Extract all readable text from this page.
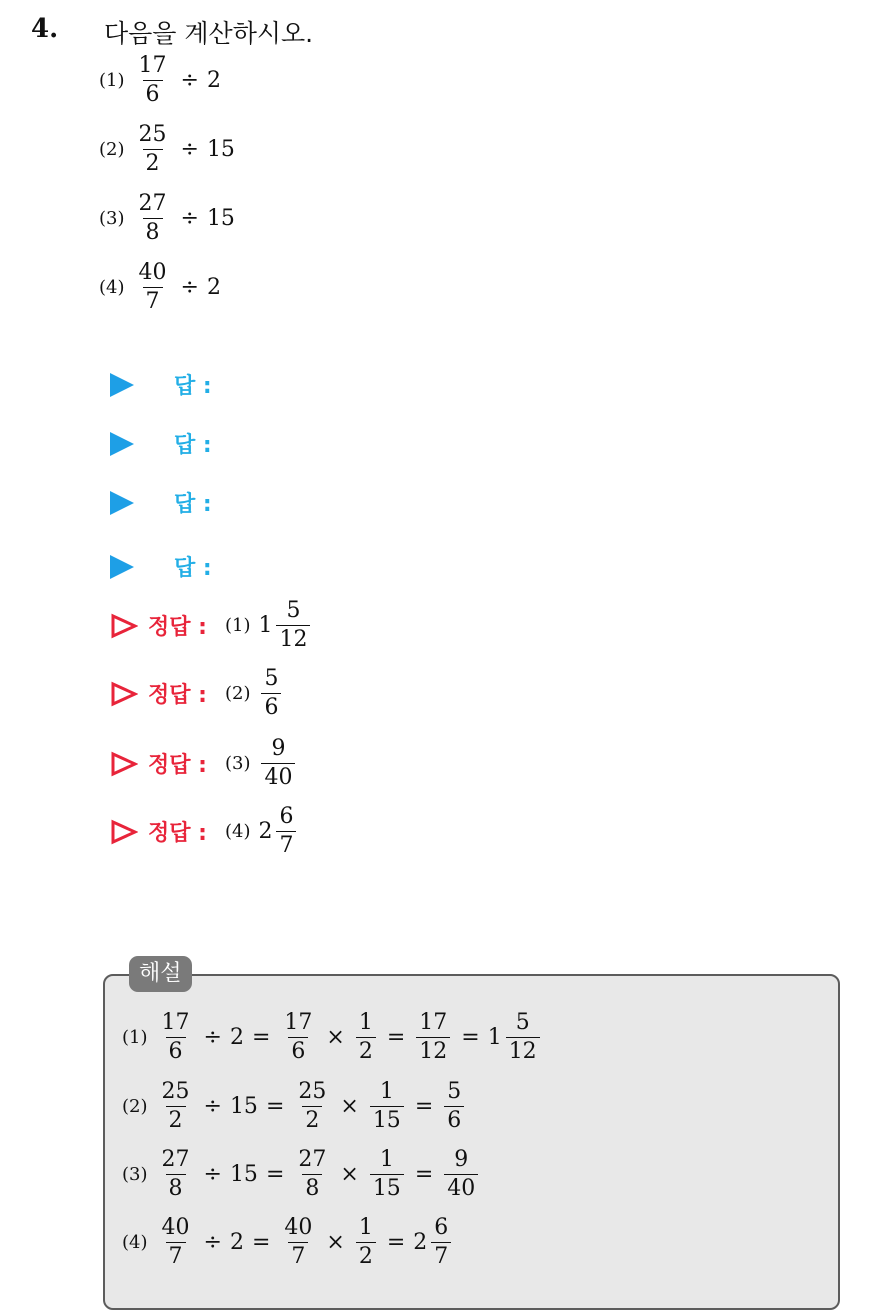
4. 다음을 계산하시오.
$(1) \frac{17}{6} \div 2$
$(2) \frac{25}{2} \div 15$
$(3) \frac{27}{8} \div 15$
$(4) \frac{40}{7} \div 2$
답 :
답 :
답 :
답 :
정답 : (1) $1 \frac{5}{12}$
정답 : $(2) \frac{5}{6}$
정답 : $(3) \frac{9}{40}$
정답 : (4) $2 \frac{6}{7}$
해설
$(1) \frac{17}{6} \div 2 = \frac{17}{6} \times \frac{1}{2} = \frac{17}{12} = 1 \frac{5}{12}$
$(2) \frac{25}{2} \div 15 = \frac{25}{2} \times \frac{1}{15} = \frac{5}{6}$
$(3) \frac{27}{8} \div 15 = \frac{27}{8} \times \frac{1}{15} = \frac{9}{40}$
$(4) \frac{40}{7} \div 2 = \frac{40}{7} \times \frac{1}{2} = 2 \frac{6}{7}$
